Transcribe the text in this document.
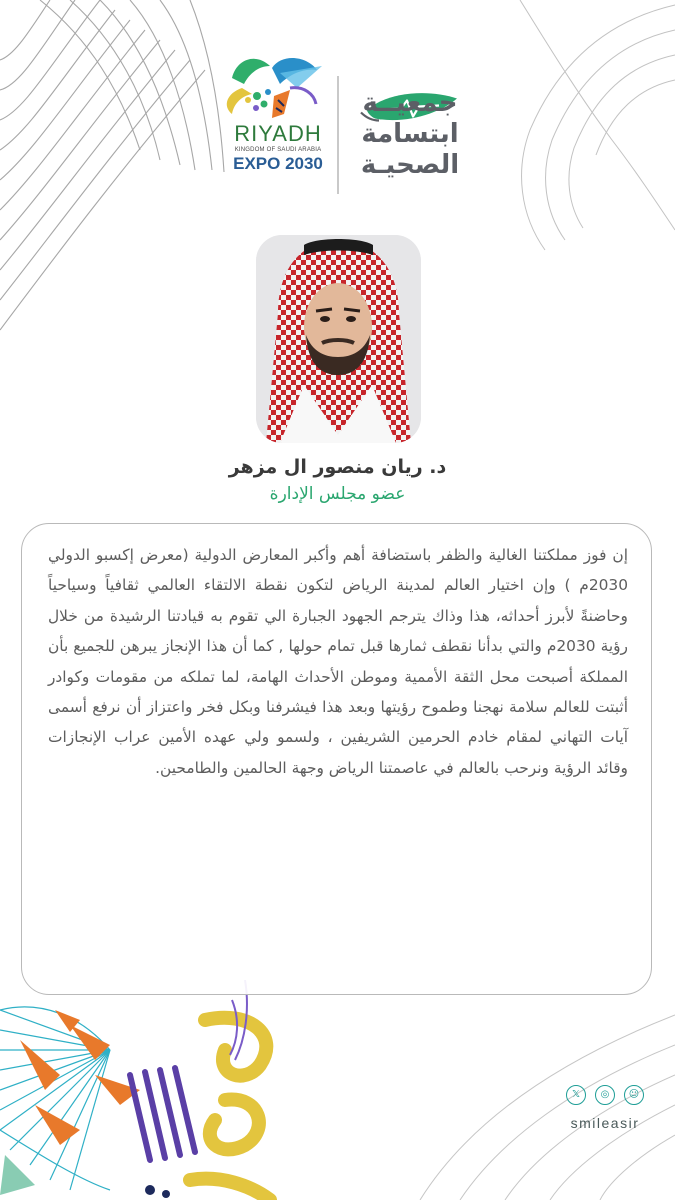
RIYADH
KINGDOM OF SAUDI ARABIA
EXPO 2030
جمعيــة
ابتسامة
الصحيـة
د. ريان منصور ال مزهر
عضو مجلس الإدارة

إن فوز مملكتنا الغالية والظفر باستضافة أهم وأكبر المعارض الدولية (معرض إكسبو الدولي 2030م ) وإن اختيار العالم لمدينة الرياض لتكون نقطة الالتقاء العالمي ثقافياً وسياحياً وحاضنةً لأبرز أحداثه، هذا وذاك يترجم الجهود الجبارة الي تقوم به قيادتنا الرشيدة من خلال رؤية 2030م والتي بدأنا نقطف ثمارها قبل تمام حولها , كما أن هذا الإنجاز يبرهن للجميع بأن المملكة أصبحت محل الثقة الأممية وموطن الأحداث الهامة، لما تملكه من مقومات وكوادر أثبتت للعالم سلامة نهجنا وطموح رؤيتها وبعد هذا فيشرفنا وبكل فخر واعتزاز أن نرفع أسمى آيات التهاني لمقام خادم الحرمين الشريفين ، ولسمو ولي عهده الأمين عراب الإنجازات وقائد الرؤية ونرحب بالعالم في عاصمتنا الرياض وجهة الحالمين والطامحين.

𝕏	◎	☺
smileasir
